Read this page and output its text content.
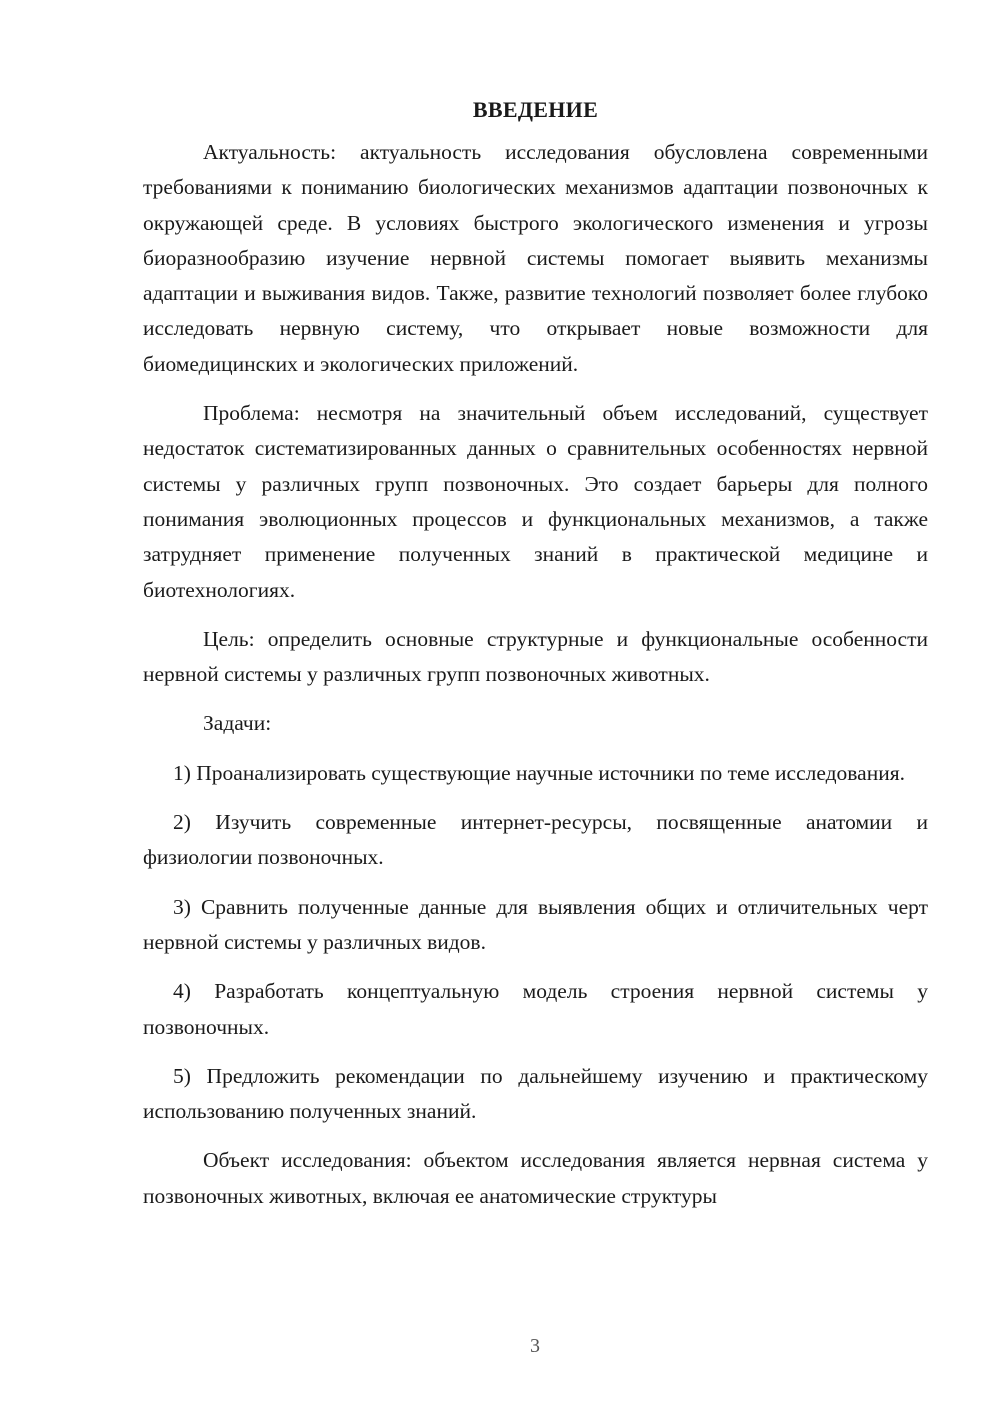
ВВЕДЕНИЕ

Актуальность: актуальность исследования обусловлена современными требованиями к пониманию биологических механизмов адаптации позвоночных к окружающей среде. В условиях быстрого экологического изменения и угрозы биоразнообразию изучение нервной системы помогает выявить механизмы адаптации и выживания видов. Также, развитие технологий позволяет более глубоко исследовать нервную систему, что открывает новые возможности для биомедицинских и экологических приложений.

Проблема: несмотря на значительный объем исследований, существует недостаток систематизированных данных о сравнительных особенностях нервной системы у различных групп позвоночных. Это создает барьеры для полного понимания эволюционных процессов и функциональных механизмов, а также затрудняет применение полученных знаний в практической медицине и биотехнологиях.

Цель: определить основные структурные и функциональные особенности нервной системы у различных групп позвоночных животных.

Задачи:

1) Проанализировать существующие научные источники по теме исследования.

2) Изучить современные интернет-ресурсы, посвященные анатомии и физиологии позвоночных.

3) Сравнить полученные данные для выявления общих и отличительных черт нервной системы у различных видов.

4) Разработать концептуальную модель строения нервной системы у позвоночных.

5) Предложить рекомендации по дальнейшему изучению и практическому использованию полученных знаний.

Объект исследования: объектом исследования является нервная система у позвоночных животных, включая ее анатомические структуры

3
